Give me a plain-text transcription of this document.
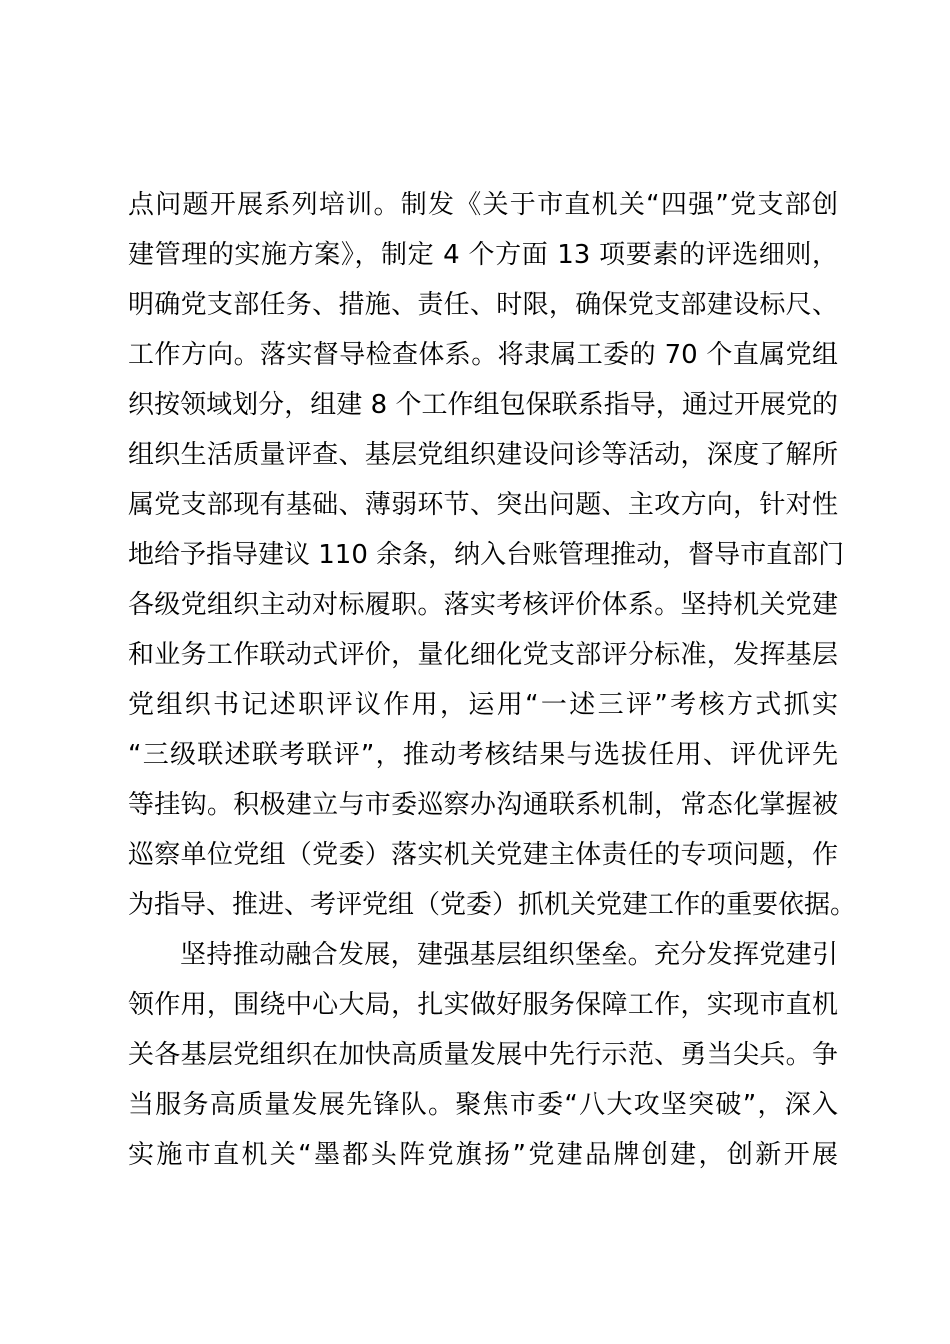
点问题开展系列培训。制发《关于市直机关“四强”党支部创
建管理的实施方案》，制定 4 个方面 13 项要素的评选细则，
明确党支部任务、措施、责任、时限，确保党支部建设标尺、
工作方向。落实督导检查体系。将隶属工委的 70 个直属党组
织按领域划分，组建 8 个工作组包保联系指导，通过开展党的
组织生活质量评查、基层党组织建设问诊等活动，深度了解所
属党支部现有基础、薄弱环节、突出问题、主攻方向，针对性
地给予指导建议 110 余条，纳入台账管理推动，督导市直部门
各级党组织主动对标履职。落实考核评价体系。坚持机关党建
和业务工作联动式评价，量化细化党支部评分标准，发挥基层
党组织书记述职评议作用，运用“一述三评”考核方式抓实
“三级联述联考联评”，推动考核结果与选拔任用、评优评先
等挂钩。积极建立与市委巡察办沟通联系机制，常态化掌握被
巡察单位党组（党委）落实机关党建主体责任的专项问题，作
为指导、推进、考评党组（党委）抓机关党建工作的重要依据。
坚持推动融合发展，建强基层组织堡垒。充分发挥党建引
领作用，围绕中心大局，扎实做好服务保障工作，实现市直机
关各基层党组织在加快高质量发展中先行示范、勇当尖兵。争
当服务高质量发展先锋队。聚焦市委“八大攻坚突破”，深入
实施市直机关“墨都头阵党旗扬”党建品牌创建，创新开展
